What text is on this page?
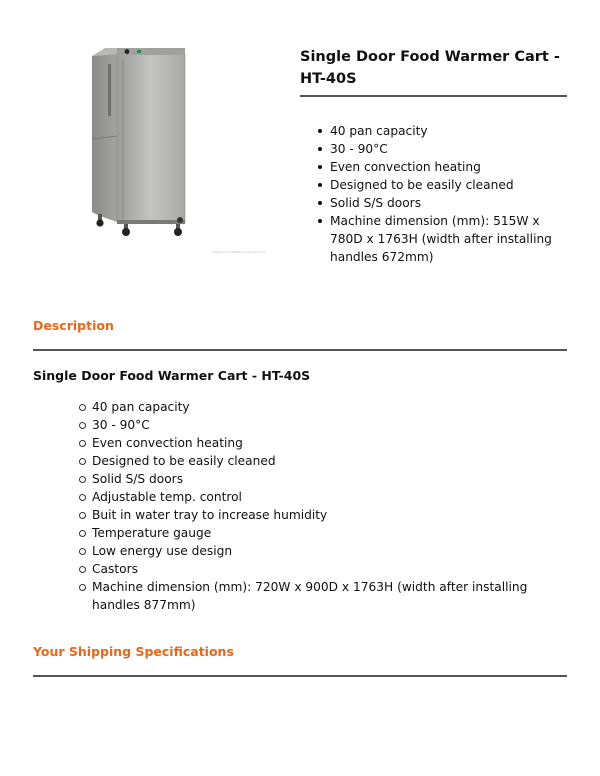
Image for illustration purposes only
Single Door Food Warmer Cart - HT-40S
40 pan capacity
30 - 90°C
Even convection heating
Designed to be easily cleaned
Solid S/S doors
Machine dimension (mm): 515W x 780D x 1763H (width after installing handles 672mm)
Description
Single Door Food Warmer Cart - HT-40S
40 pan capacity
30 - 90°C
Even convection heating
Designed to be easily cleaned
Solid S/S doors
Adjustable temp. control
Buit in water tray to increase humidity
Temperature gauge
Low energy use design
Castors
Machine dimension (mm): 720W x 900D x 1763H (width after installing handles 877mm)
Your Shipping Specifications
